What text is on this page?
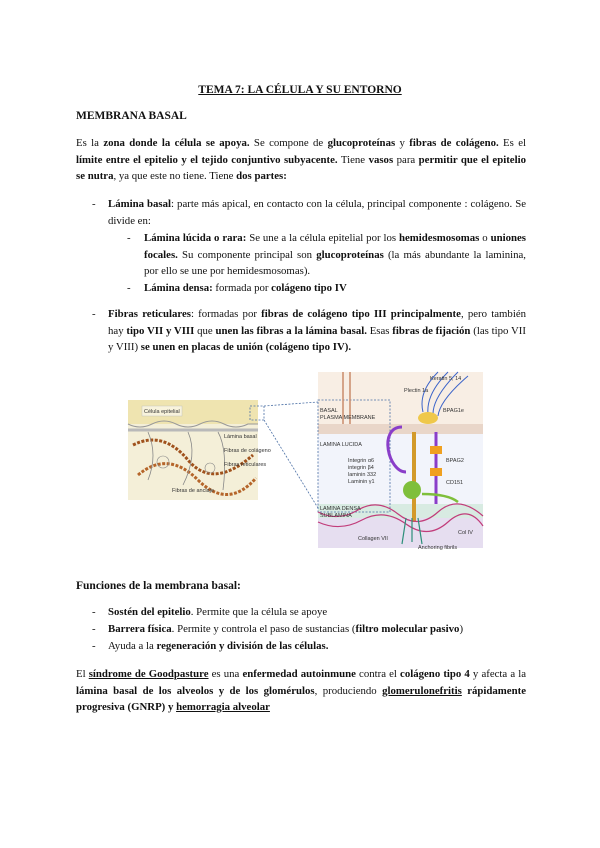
TEMA 7: LA CÉLULA Y SU ENTORNO
MEMBRANA BASAL

Es la zona donde la célula se apoya. Se compone de glucoproteínas y fibras de colágeno. Es el límite entre el epitelio y el tejido conjuntivo subyacente. Tiene vasos para permitir que el epitelio se nutra, ya que este no tiene. Tiene dos partes:

- Lámina basal: parte más apical, en contacto con la célula, principal componente : colágeno. Se divide en:
- Lámina lúcida o rara: Se une a la célula epitelial por los hemidesmosomas o uniones focales. Su componente principal son glucoproteínas (la más abundante la laminina, por ello se une por hemidesmosomas).
- Lámina densa: formada por colágeno tipo IV
- Fibras reticulares: formadas por fibras de colágeno tipo III principalmente, pero también hay tipo VII y VIII que unen las fibras a la lámina basal. Esas fibras de fijación (las tipo VII y VIII) se unen en placas de unión (colágeno tipo IV).
Célula epitelial
Lámina basal
Fibras de colágeno
Fibras de anclaje
Fibras reticulares
BASAL
PLASMA MEMBRANE
LAMINA LUCIDA
LAMINA DENSA
SUBLAMINA
Keratin 5, 14
Plectin 1a
BPAG1e
BPAG2
Integrin α6
integrin β4
laminin 332
Laminin γ1
Collagen VII
Anchoring fibrils
CD151
Col IV
Funciones de la membrana basal:
- Sostén del epitelio. Permite que la célula se apoye
- Barrera física. Permite y controla el paso de sustancias (filtro molecular pasivo)
- Ayuda a la regeneración y división de las células.

El síndrome de Goodpasture es una enfermedad autoinmune contra el colágeno tipo 4 y afecta a la lámina basal de los alveolos y de los glomérulos, produciendo glomerulonefritis rápidamente progresiva (GNRP) y hemorragia alveolar
